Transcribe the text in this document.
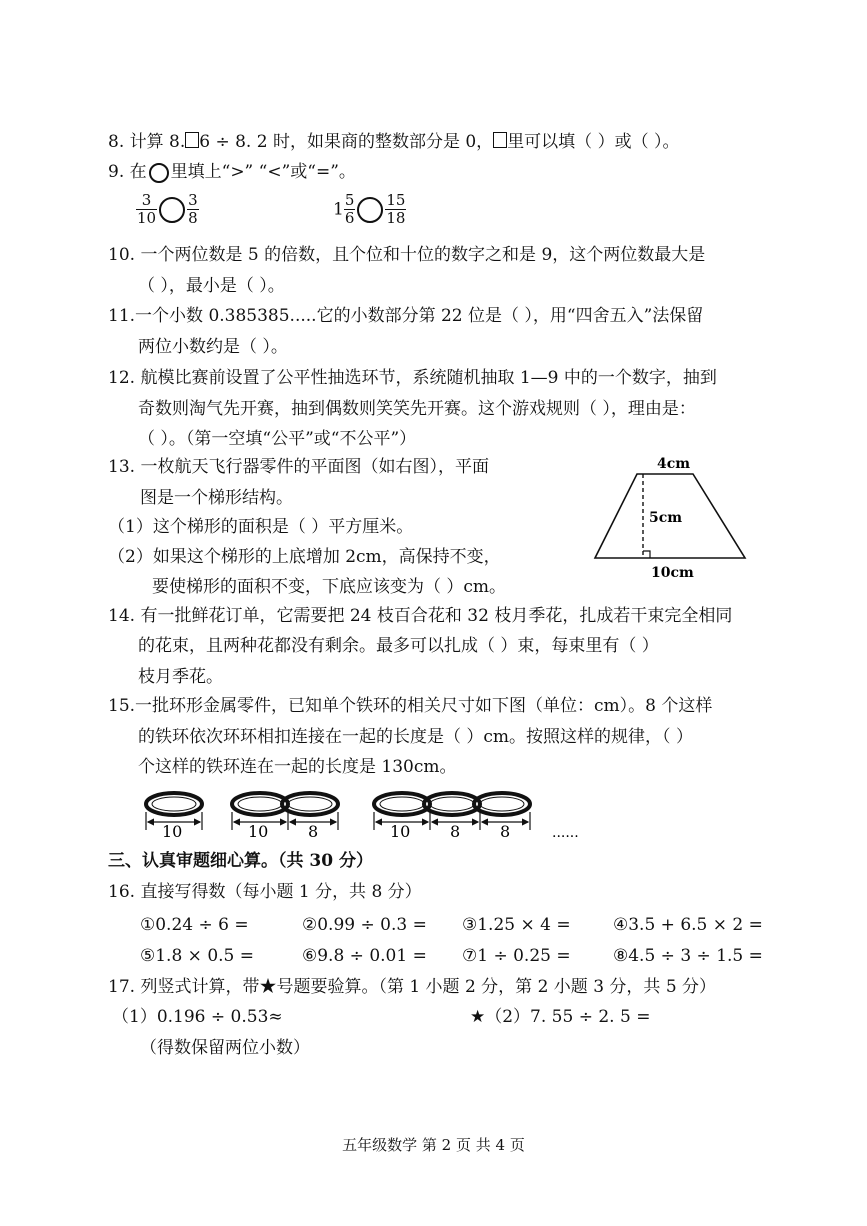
8. 计算 8. 6 ÷ 8. 2 时，如果商的整数部分是 0， 里可以填（ ）或（ ）。
9. 在 里填上“>” “<”或“=”。
$\frac{3}{10} \frac{3}{8}$	$1 \frac{5}{6} \frac{15}{18}$
10. 一个两位数是 5 的倍数，且个位和十位的数字之和是 9，这个两位数最大是
（ ），最小是（ ）。
11.一个小数 0.385385.....它的小数部分第 22 位是（ ），用“四舍五入”法保留
两位小数约是（ ）。
12. 航模比赛前设置了公平性抽选环节，系统随机抽取 1—9 中的一个数字，抽到
奇数则淘气先开赛，抽到偶数则笑笑先开赛。这个游戏规则（ ），理由是：
（ ）。（第一空填“公平”或“不公平”）
13. 一枚航天飞行器零件的平面图（如右图），平面
图是一个梯形结构。
（1）这个梯形的面积是（ ）平方厘米。
（2）如果这个梯形的上底增加 2cm，高保持不变，
要使梯形的面积不变，下底应该变为（ ）cm。
4cm
5cm
10cm
14. 有一批鲜花订单，它需要把 24 枝百合花和 32 枝月季花，扎成若干束完全相同
的花束，且两种花都没有剩余。最多可以扎成（ ）束，每束里有（ ）
枝月季花。
15.一批环形金属零件，已知单个铁环的相关尺寸如下图（单位：cm）。8 个这样
的铁环依次环环相扣连接在一起的长度是（ ）cm。按照这样的规律，（ ）
个这样的铁环连在一起的长度是 130cm。
10	10 8	10 8 8	......
三、认真审题细心算。（共 30 分）
16. 直接写得数（每小题 1 分，共 8 分）
①0.24 ÷ 6 =	②0.99 ÷ 0.3 = ③1.25 × 4 = ④3.5 + 6.5 × 2 =
⑤1.8 × 0.5 =	⑥9.8 ÷ 0.01 = ⑦1 ÷ 0.25 = ⑧4.5 ÷ 3 ÷ 1.5 =
17. 列竖式计算，带★号题要验算。（第 1 小题 2 分，第 2 小题 3 分，共 5 分）
（1）0.196 ÷ 0.53≈	★（2）7. 55 ÷ 2. 5 =
（得数保留两位小数）
五年级数学 第 2 页 共 4 页
